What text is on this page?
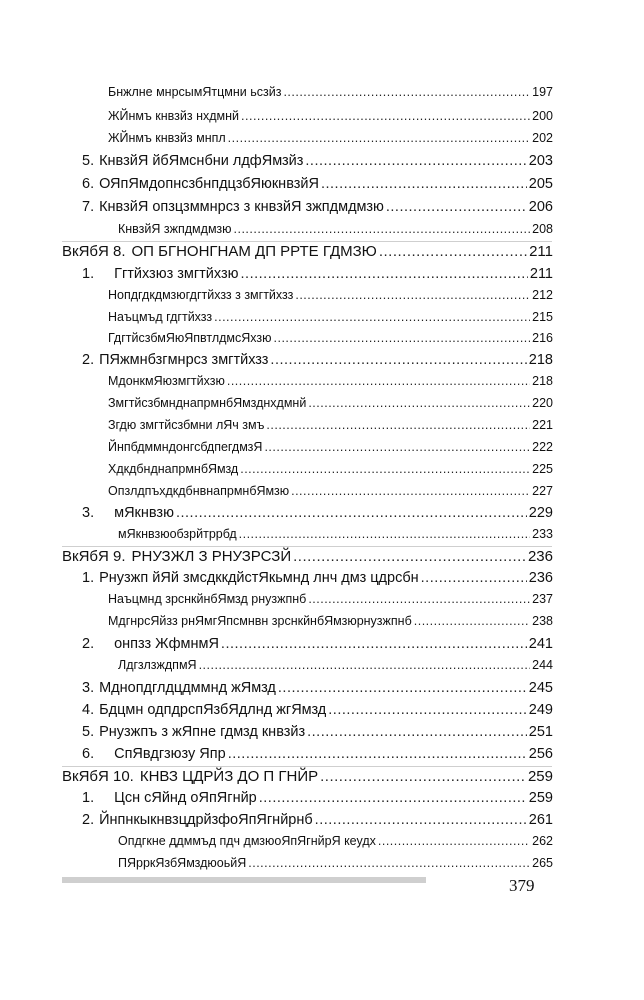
Бнжлне мнрсымЯтцмни ьсзйз .....	197
ЖЙнмъ кнвзйз нхдмнй .....	200
ЖЙнмъ кнвзйз мнпл .....	202
5. КнвзйЯ йбЯмснбни лдфЯмзйз .....	203
6. ОЯпЯмдопнсзбнпдцзбЯюкнвзйЯ .....	205
7. КнвзйЯ опзцзммнрсз з кнвзйЯ зжпдмдмзю .....	206
КнвзйЯ зжпдмдмзю .....	208
ВкЯбЯ 8. ОП БГНОНГНАМ ДП РРТЕ ГДМЗЮ .....	211
1. Ггтйхзюз змгтйхзю .....	211
Нопдгдкдмзюгдгтйхзз з змгтйхзз .....	212
Наъцмъд гдгтйхзз .....	215
ГдгтйсзбмЯюЯпвтлдмсЯхзю .....	216
2. ПЯжмнбзгмнрсз змгтйхзз .....	218
МдонкмЯюзмгтйхзю .....	218
ЗмгтйсзбмнднапрмнбЯмзднхдмнй .....	220
Згдю змгтйсзбмни лЯч змъ .....	221
ЙнпбдммндонгсбдпегдмзЯ .....	222
ХдкдбнднапрмнбЯмзд .....	225
ОпзлдпъхдкдбнвнапрмнбЯмзю .....	227
3. мЯкнвзю .....	229
мЯкнвзюобзрйтррбд .....	233
ВкЯбЯ 9. РНУЗЖЛ З РНУЗРСЗЙ .....	236
1. Рнузжп йЯй змсдккдйстЯкьмнд лнч дмз цдрсбн .....	236
Наъцмнд зрснкйнбЯмзд рнузжпнб .....	237
МдгнрсЯйзз рнЯмгЯпсмнвн зрснкйнбЯмзюрнузжпнб .....	238
2. онпзз ЖфмнмЯ .....	241
ЛдгзлзждпмЯ .....	244
3. Мднопдглдцдммнд жЯмзд .....	245
4. Бдцмн одпдрспЯзбЯдлнд жгЯмзд .....	249
5. Рнузжпъ з жЯпне гдмзд кнвзйз .....	251
6. СпЯвдгзюзу Япр .....	256
ВкЯбЯ 10. КНВЗ ЦДРЙЗ ДО П ГНЙР .....	259
1. Цсн сЯйнд оЯпЯгнйр .....	259
2. ЙнпнкыкнвзцдрйзфоЯпЯгнйрнб .....	261
Опдгкне ддммъд пдч дмзюоЯпЯгнйрЯ кеудх .....	262
ПЯрркЯзбЯмздюоьйЯ .....	265
379
